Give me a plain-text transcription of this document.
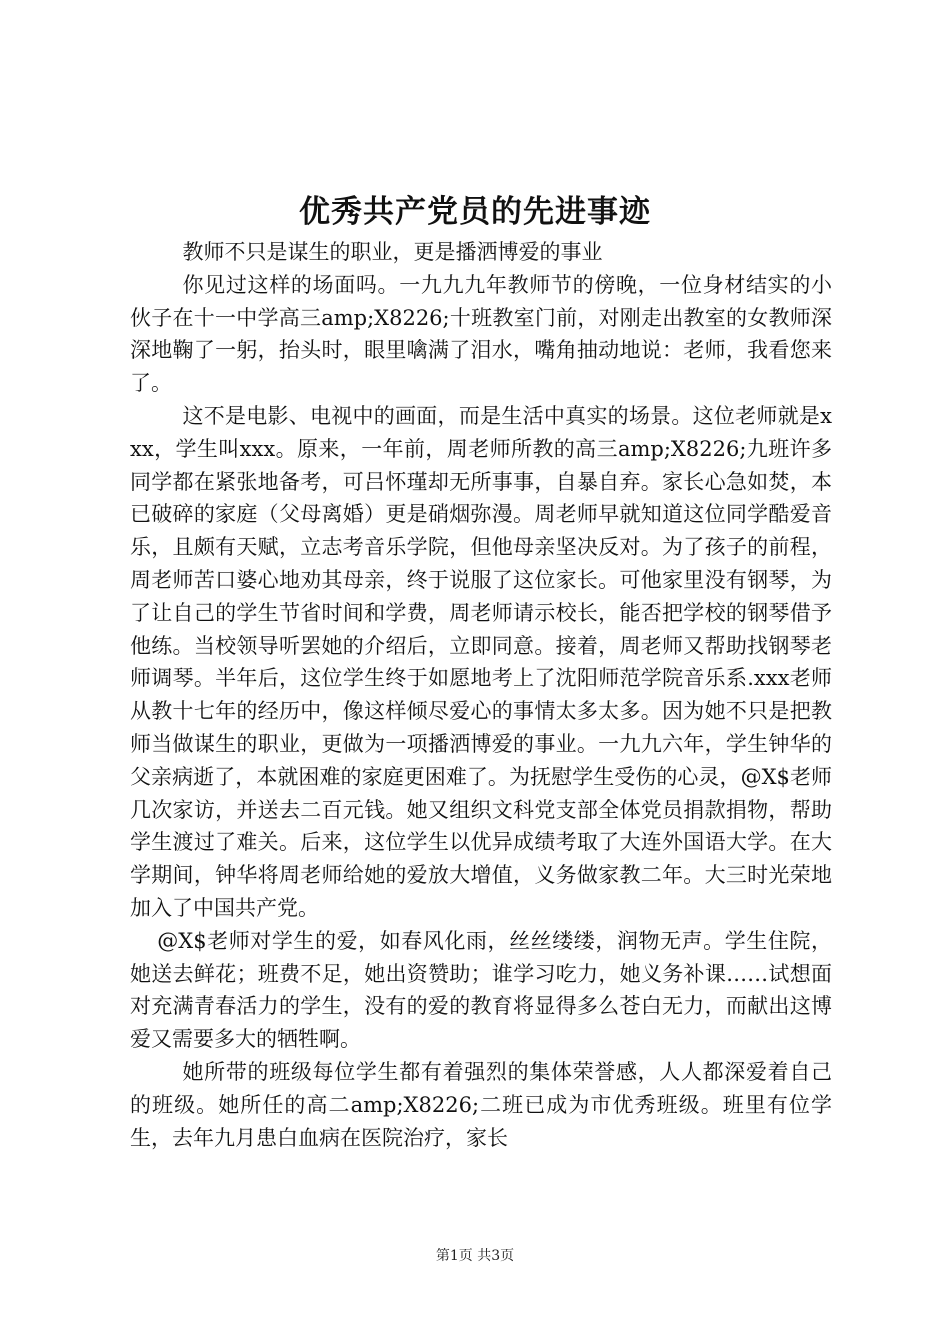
优秀共产党员的先进事迹

教师不只是谋生的职业，更是播洒博爱的事业

你见过这样的场面吗。一九九九年教师节的傍晚，一位身材结实的小伙子在十一中学高三amp;X8226;十班教室门前，对刚走出教室的女教师深深地鞠了一躬，抬头时，眼里噙满了泪水，嘴角抽动地说：老师，我看您来了。

这不是电影、电视中的画面，而是生活中真实的场景。这位老师就是xxx，学生叫xxx。原来，一年前，周老师所教的高三amp;X8226;九班许多同学都在紧张地备考，可吕怀瑾却无所事事，自暴自弃。家长心急如焚，本已破碎的家庭（父母离婚）更是硝烟弥漫。周老师早就知道这位同学酷爱音乐，且颇有天赋，立志考音乐学院，但他母亲坚决反对。为了孩子的前程，周老师苦口婆心地劝其母亲，终于说服了这位家长。可他家里没有钢琴，为了让自己的学生节省时间和学费，周老师请示校长，能否把学校的钢琴借予他练。当校领导听罢她的介绍后，立即同意。接着，周老师又帮助找钢琴老师调琴。半年后，这位学生终于如愿地考上了沈阳师范学院音乐系.xxx老师从教十七年的经历中，像这样倾尽爱心的事情太多太多。因为她不只是把教师当做谋生的职业，更做为一项播洒博爱的事业。一九九六年，学生钟华的父亲病逝了，本就困难的家庭更困难了。为抚慰学生受伤的心灵，@X$老师几次家访，并送去二百元钱。她又组织文科党支部全体党员捐款捐物，帮助学生渡过了难关。后来，这位学生以优异成绩考取了大连外国语大学。在大学期间，钟华将周老师给她的爱放大增值，义务做家教二年。大三时光荣地加入了中国共产党。

@X$老师对学生的爱，如春风化雨，丝丝缕缕，润物无声。学生住院，她送去鲜花；班费不足，她出资赞助；谁学习吃力，她义务补课……试想面对充满青春活力的学生，没有的爱的教育将显得多么苍白无力，而献出这博爱又需要多大的牺牲啊。

她所带的班级每位学生都有着强烈的集体荣誉感，人人都深爱着自己的班级。她所任的高二amp;X8226;二班已成为市优秀班级。班里有位学生，去年九月患白血病在医院治疗，家长

第1页 共3页
